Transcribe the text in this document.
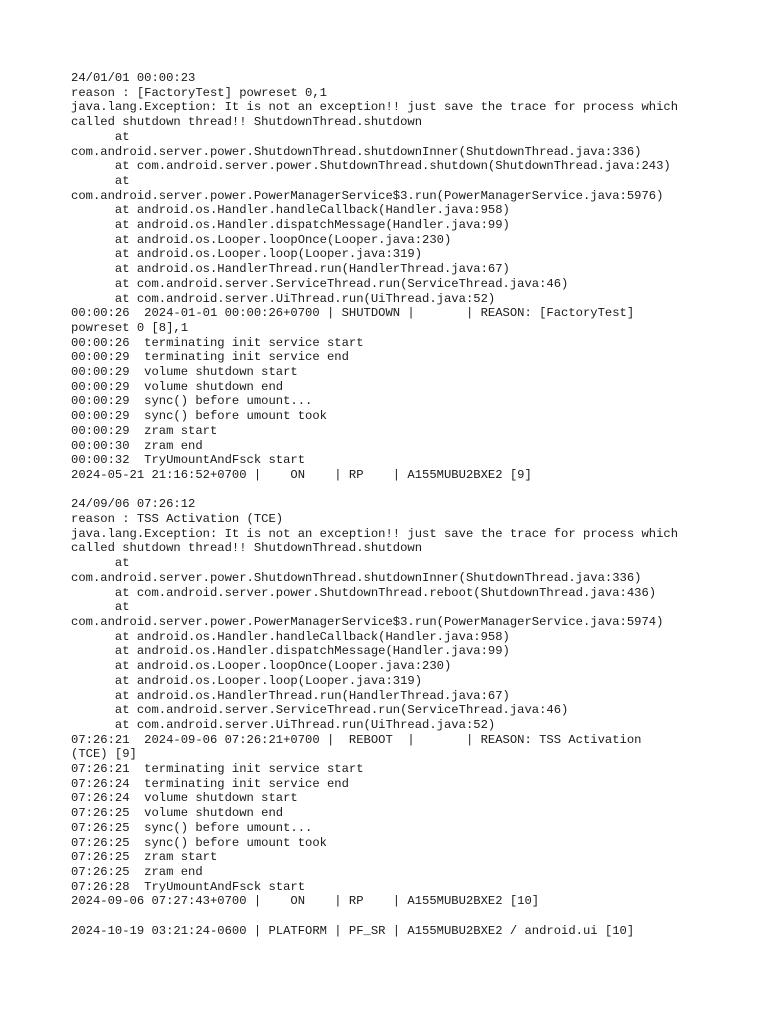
24/01/01 00:00:23
reason : [FactoryTest] powreset 0,1
java.lang.Exception: It is not an exception!! just save the trace for process which
called shutdown thread!! ShutdownThread.shutdown
at
com.android.server.power.ShutdownThread.shutdownInner(ShutdownThread.java:336)
at com.android.server.power.ShutdownThread.shutdown(ShutdownThread.java:243)
at
com.android.server.power.PowerManagerService$3.run(PowerManagerService.java:5976)
at android.os.Handler.handleCallback(Handler.java:958)
at android.os.Handler.dispatchMessage(Handler.java:99)
at android.os.Looper.loopOnce(Looper.java:230)
at android.os.Looper.loop(Looper.java:319)
at android.os.HandlerThread.run(HandlerThread.java:67)
at com.android.server.ServiceThread.run(ServiceThread.java:46)
at com.android.server.UiThread.run(UiThread.java:52)
00:00:26  2024-01-01 00:00:26+0700 | SHUTDOWN |       | REASON: [FactoryTest]
powreset 0 [8],1
00:00:26  terminating init service start
00:00:29  terminating init service end
00:00:29  volume shutdown start
00:00:29  volume shutdown end
00:00:29  sync() before umount...
00:00:29  sync() before umount took
00:00:29  zram start
00:00:30  zram end
00:00:32  TryUmountAndFsck start
2024-05-21 21:16:52+0700 |    ON    | RP    | A155MUBU2BXE2 [9]
24/09/06 07:26:12
reason : TSS Activation (TCE)
java.lang.Exception: It is not an exception!! just save the trace for process which
called shutdown thread!! ShutdownThread.shutdown
at
com.android.server.power.ShutdownThread.shutdownInner(ShutdownThread.java:336)
at com.android.server.power.ShutdownThread.reboot(ShutdownThread.java:436)
at
com.android.server.power.PowerManagerService$3.run(PowerManagerService.java:5974)
at android.os.Handler.handleCallback(Handler.java:958)
at android.os.Handler.dispatchMessage(Handler.java:99)
at android.os.Looper.loopOnce(Looper.java:230)
at android.os.Looper.loop(Looper.java:319)
at android.os.HandlerThread.run(HandlerThread.java:67)
at com.android.server.ServiceThread.run(ServiceThread.java:46)
at com.android.server.UiThread.run(UiThread.java:52)
07:26:21  2024-09-06 07:26:21+0700 |  REBOOT  |       | REASON: TSS Activation
(TCE) [9]
07:26:21  terminating init service start
07:26:24  terminating init service end
07:26:24  volume shutdown start
07:26:25  volume shutdown end
07:26:25  sync() before umount...
07:26:25  sync() before umount took
07:26:25  zram start
07:26:25  zram end
07:26:28  TryUmountAndFsck start
2024-09-06 07:27:43+0700 |    ON    | RP    | A155MUBU2BXE2 [10]
2024-10-19 03:21:24-0600 | PLATFORM | PF_SR | A155MUBU2BXE2 / android.ui [10]
